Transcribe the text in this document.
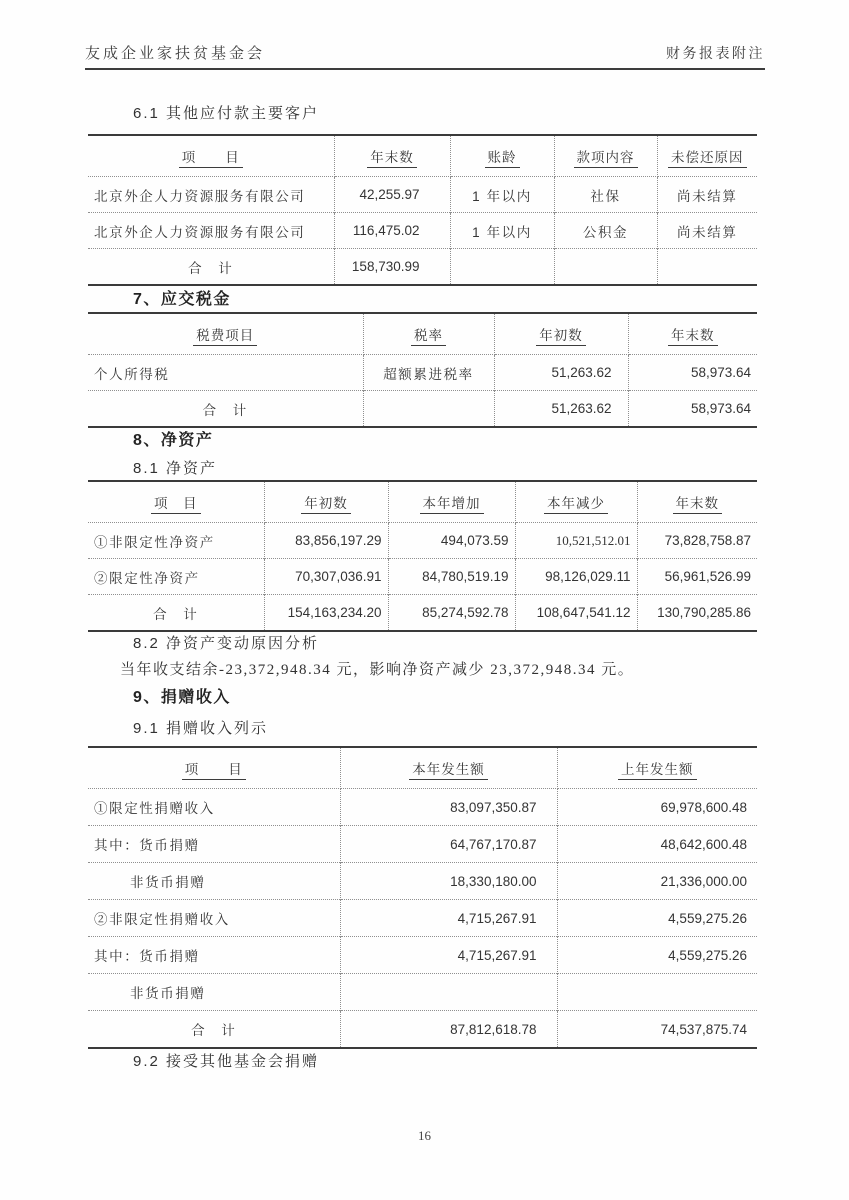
友成企业家扶贫基金会	财务报表附注
6.1 其他应付款主要客户
项　　目	年末数	账龄	款项内容	未偿还原因
北京外企人力资源服务有限公司	42,255.97	1 年以内	社保	尚未结算
北京外企人力资源服务有限公司	116,475.02	1 年以内	公积金	尚未结算
合　计	158,730.99			
7、应交税金
税费项目	税率	年初数	年末数
个人所得税	超额累进税率	51,263.62	58,973.64
合　计		51,263.62	58,973.64
8、净资产
8.1 净资产
项　目	年初数	本年增加	本年减少	年末数
①非限定性净资产	83,856,197.29	494,073.59	10,521,512.01	73,828,758.87
②限定性净资产	70,307,036.91	84,780,519.19	98,126,029.11	56,961,526.99
合　计	154,163,234.20	85,274,592.78	108,647,541.12	130,790,285.86
8.2 净资产变动原因分析
当年收支结余-23,372,948.34 元，影响净资产减少 23,372,948.34 元。
9、捐赠收入
9.1 捐赠收入列示
项　　目	本年发生额	上年发生额
①限定性捐赠收入	83,097,350.87	69,978,600.48
其中：货币捐赠	64,767,170.87	48,642,600.48
非货币捐赠	18,330,180.00	21,336,000.00
②非限定性捐赠收入	4,715,267.91	4,559,275.26
其中：货币捐赠	4,715,267.91	4,559,275.26
非货币捐赠		
合　计	87,812,618.78	74,537,875.74
9.2 接受其他基金会捐赠
16
